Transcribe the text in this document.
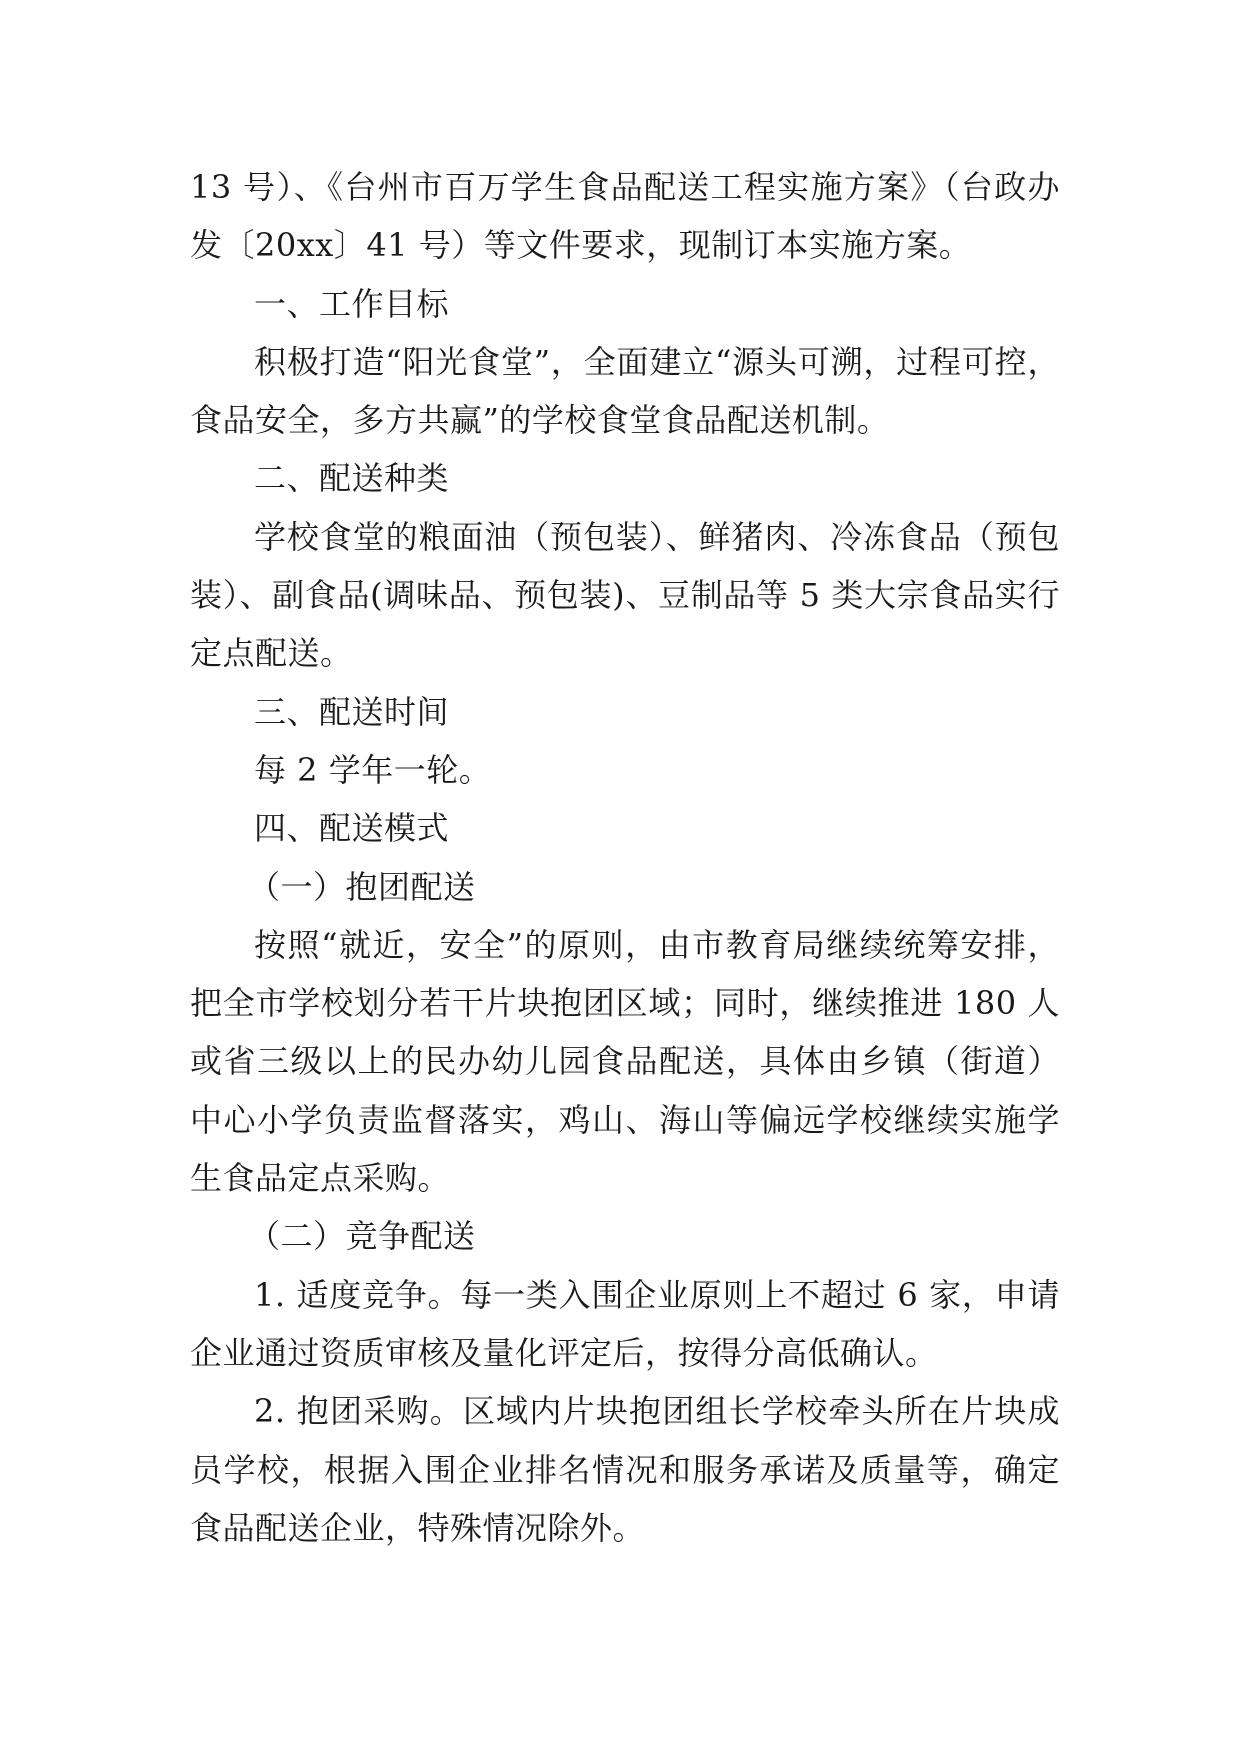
13 号）、《台州市百万学生食品配送工程实施方案》（台政办发〔20xx〕41 号）等文件要求，现制订本实施方案。

一、工作目标

积极打造“阳光食堂”，全面建立“源头可溯，过程可控，食品安全，多方共赢”的学校食堂食品配送机制。

二、配送种类

学校食堂的粮面油（预包装）、鲜猪肉、冷冻食品（预包装）、副食品(调味品、预包装)、豆制品等 5 类大宗食品实行定点配送。

三、配送时间

每 2 学年一轮。

四、配送模式

（一）抱团配送

按照“就近，安全”的原则，由市教育局继续统筹安排，把全市学校划分若干片块抱团区域；同时，继续推进 180 人或省三级以上的民办幼儿园食品配送，具体由乡镇（街道）中心小学负责监督落实，鸡山、海山等偏远学校继续实施学生食品定点采购。

（二）竞争配送

1. 适度竞争。每一类入围企业原则上不超过 6 家，申请企业通过资质审核及量化评定后，按得分高低确认。

2. 抱团采购。区域内片块抱团组长学校牵头所在片块成员学校，根据入围企业排名情况和服务承诺及质量等，确定食品配送企业，特殊情况除外。
